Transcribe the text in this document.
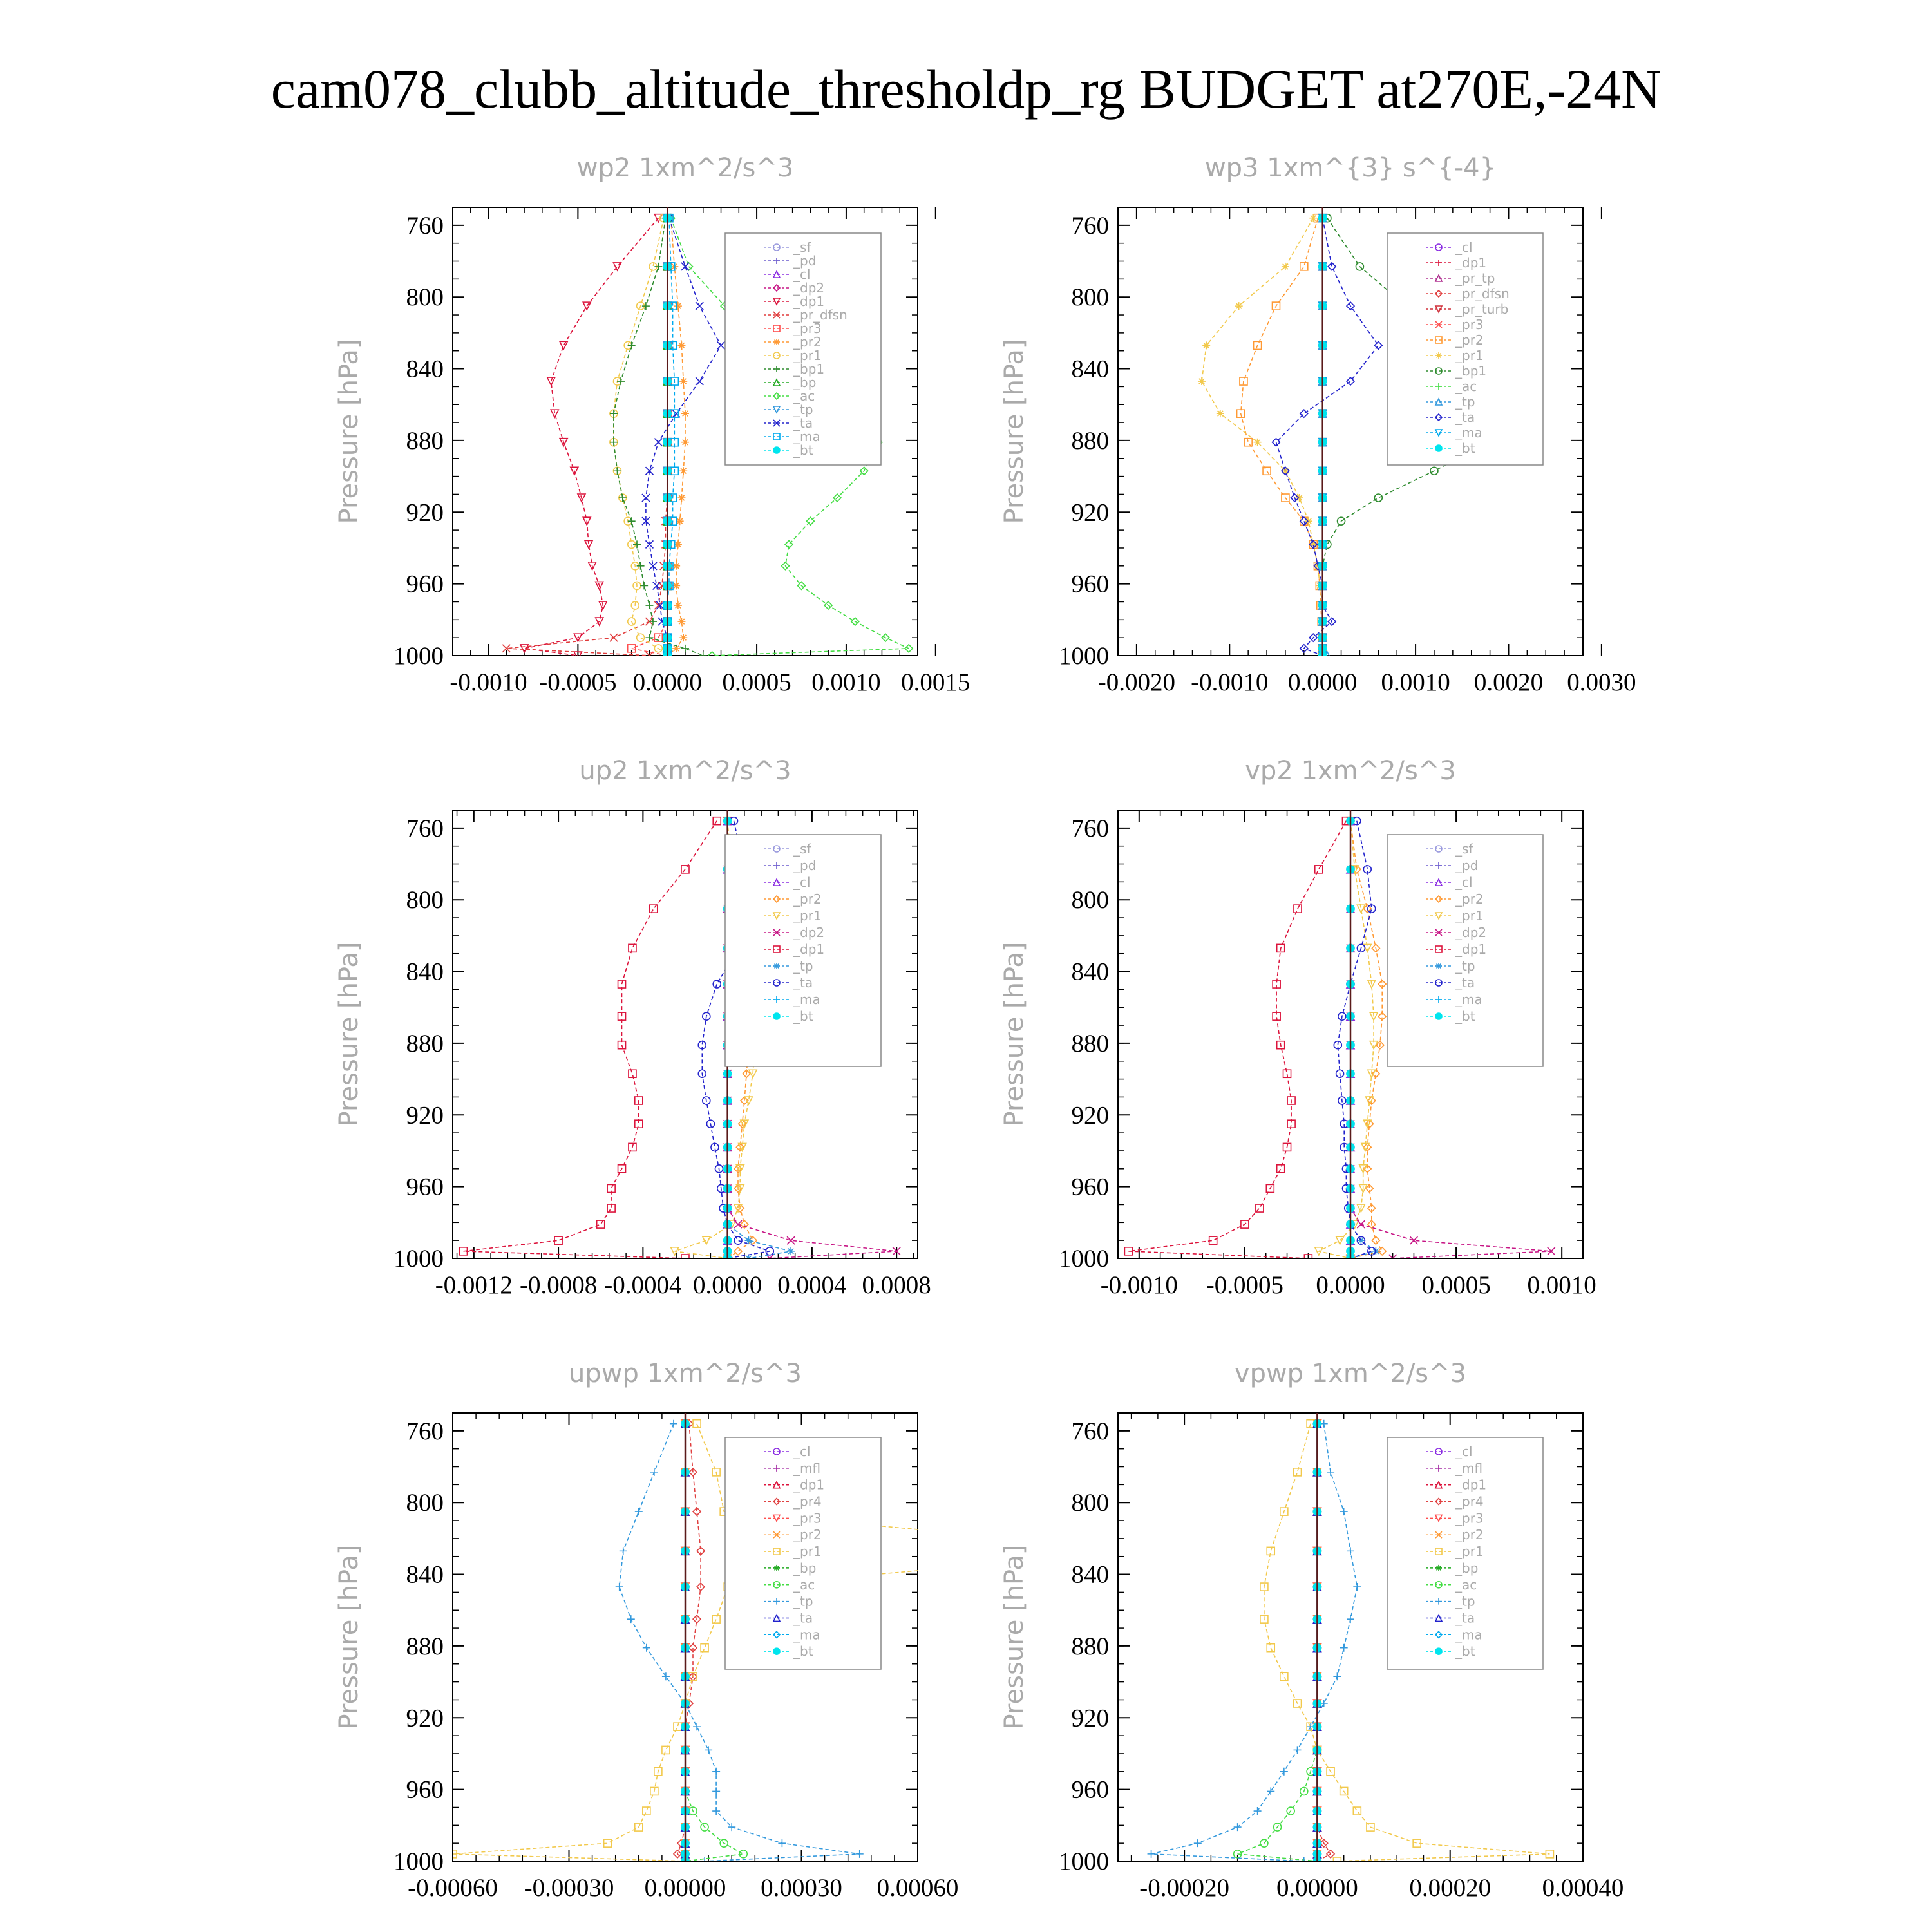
cam078_clubb_altitude_thresholdp_rg BUDGET at270E,-24N
wp2 1xm^2/s^3
Pressure [hPa]
760
800
840
880
920
960
1000
-0.0010 -0.0005 0.0000 0.0005 0.0010 0.0015
_sf
_pd
_cl
_dp2
_dp1
_pr_dfsn
_pr3
_pr2
_pr1
_bp1
_bp
_ac
_tp
_ta
_ma
_bt
wp3 1xm^{3} s^{-4}
Pressure [hPa]
760
800
840
880
920
960
1000
-0.0020 -0.0010 0.0000 0.0010 0.0020 0.0030
_cl
_dp1
_pr_tp
_pr_dfsn
_pr_turb
_pr3
_pr2
_pr1
_bp1
_ac
_tp
_ta
_ma
_bt
up2 1xm^2/s^3
Pressure [hPa]
760
800
840
880
920
960
1000
-0.0012 -0.0008 -0.0004 0.0000 0.0004 0.0008
_sf
_pd
_cl
_pr2
_pr1
_dp2
_dp1
_tp
_ta
_ma
_bt
vp2 1xm^2/s^3
Pressure [hPa]
760
800
840
880
920
960
1000
-0.0010 -0.0005 0.0000 0.0005 0.0010
_sf
_pd
_cl
_pr2
_pr1
_dp2
_dp1
_tp
_ta
_ma
_bt
upwp 1xm^2/s^3
Pressure [hPa]
760
800
840
880
920
960
1000
-0.00060 -0.00030 0.00000 0.00030 0.00060
_cl
_mfl
_dp1
_pr4
_pr3
_pr2
_pr1
_bp
_ac
_tp
_ta
_ma
_bt
vpwp 1xm^2/s^3
Pressure [hPa]
760
800
840
880
920
960
1000
-0.00020 0.00000 0.00020 0.00040
_cl
_mfl
_dp1
_pr4
_pr3
_pr2
_pr1
_bp
_ac
_tp
_ta
_ma
_bt
